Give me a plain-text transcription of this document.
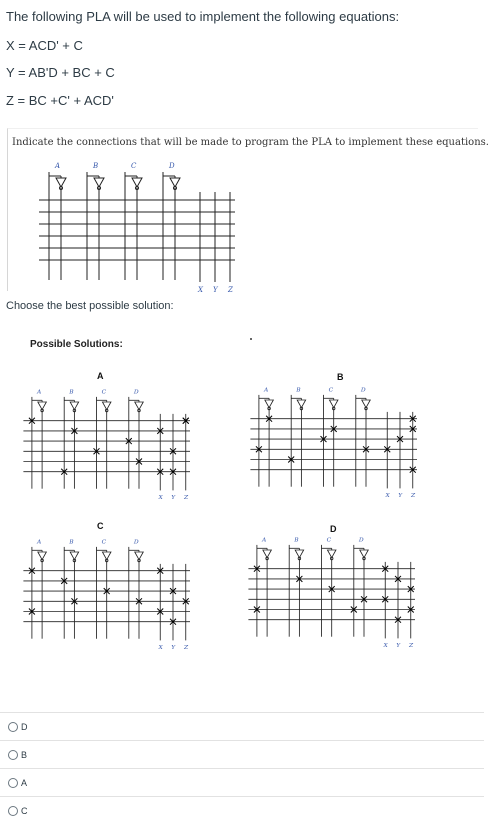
The following PLA will be used to implement the following equations:
X = ACD' + C
Y = AB'D + BC + C
Z = BC +C' + ACD'
Indicate the connections that will be made to program the PLA to implement these equations.
A	B	C	D
X Y Z
Choose the best possible solution:
Possible Solutions:
A	B
C	D
A	B	C	D
X Y Z
A	B	C	D
X Y Z
A	B	C	D
X Y Z
A	B	C	D
X Y Z
D
B
A
C
